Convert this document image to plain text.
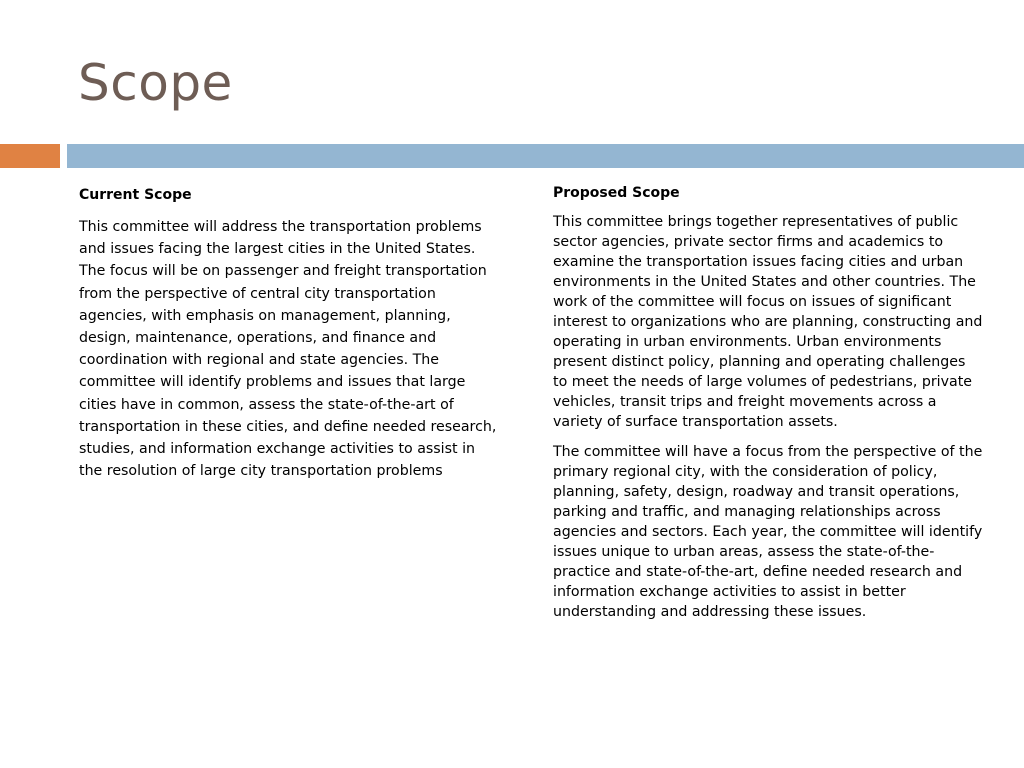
Scope
Current Scope

This committee will address the transportation problems and issues facing the largest cities in the United States. The focus will be on passenger and freight transportation from the perspective of central city transportation agencies, with emphasis on management, planning, design, maintenance, operations, and finance and coordination with regional and state agencies. The committee will identify problems and issues that large cities have in common, assess the state-of-the-art of transportation in these cities, and define needed research, studies, and information exchange activities to assist in the resolution of large city transportation problems

Proposed Scope

This committee brings together representatives of public sector agencies, private sector firms and academics to examine the transportation issues facing cities and urban environments in the United States and other countries. The work of the committee will focus on issues of significant interest to organizations who are planning, constructing and operating in urban environments. Urban environments present distinct policy, planning and operating challenges to meet the needs of large volumes of pedestrians, private vehicles, transit trips and freight movements across a variety of surface transportation assets.

The committee will have a focus from the perspective of the primary regional city, with the consideration of policy, planning, safety, design, roadway and transit operations, parking and traffic, and managing relationships across agencies and sectors. Each year, the committee will identify issues unique to urban areas, assess the state-of-the-practice and state-of-the-art, define needed research and information exchange activities to assist in better understanding and addressing these issues.
